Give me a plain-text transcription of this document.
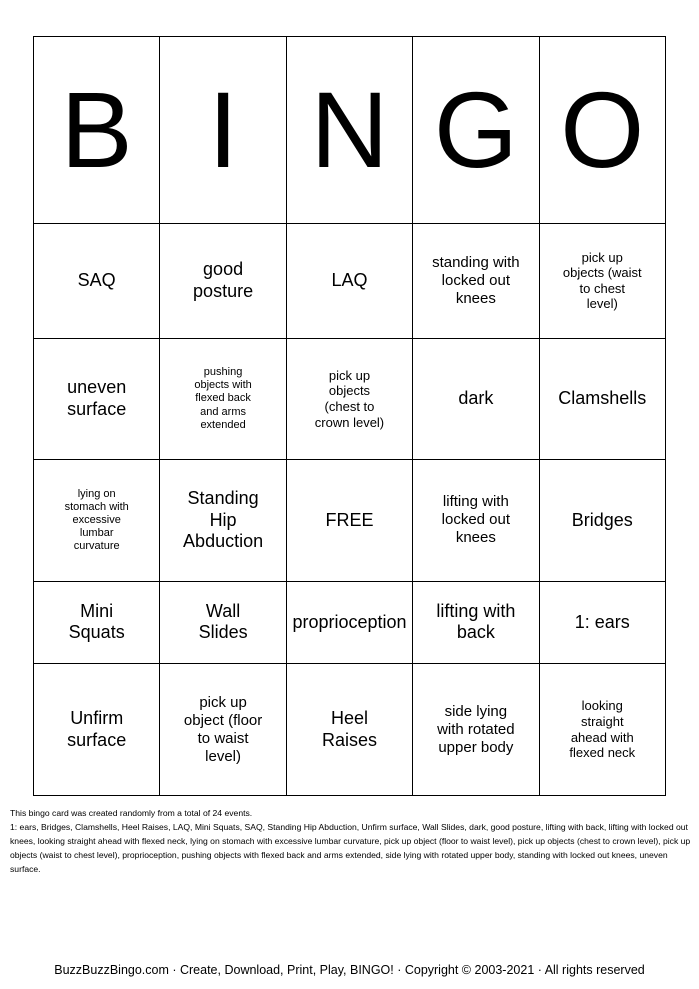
B	I	N	G	O

SAQ	good posture	LAQ	standing with locked out knees	pick up objects (waist to chest level)

uneven surface	pushing objects with flexed back and arms extended	pick up objects (chest to crown level)	dark	Clamshells

lying on stomach with excessive lumbar curvature	Standing Hip Abduction	FREE	lifting with locked out knees	Bridges

Mini Squats	Wall Slides	proprioception	lifting with back	1: ears

Unfirm surface	pick up object (floor to waist level)	Heel Raises	side lying with rotated upper body	looking straight ahead with flexed neck

This bingo card was created randomly from a total of 24 events.

1: ears, Bridges, Clamshells, Heel Raises, LAQ, Mini Squats, SAQ, Standing Hip Abduction, Unfirm surface, Wall Slides, dark, good posture, lifting with back, lifting with locked out knees, looking straight ahead with flexed neck, lying on stomach with excessive lumbar curvature, pick up object (floor to waist level), pick up objects (chest to crown level), pick up objects (waist to chest level), proprioception, pushing objects with flexed back and arms extended, side lying with rotated upper body, standing with locked out knees, uneven surface.

BuzzBuzzBingo.com · Create, Download, Print, Play, BINGO! · Copyright © 2003-2021 · All rights reserved
